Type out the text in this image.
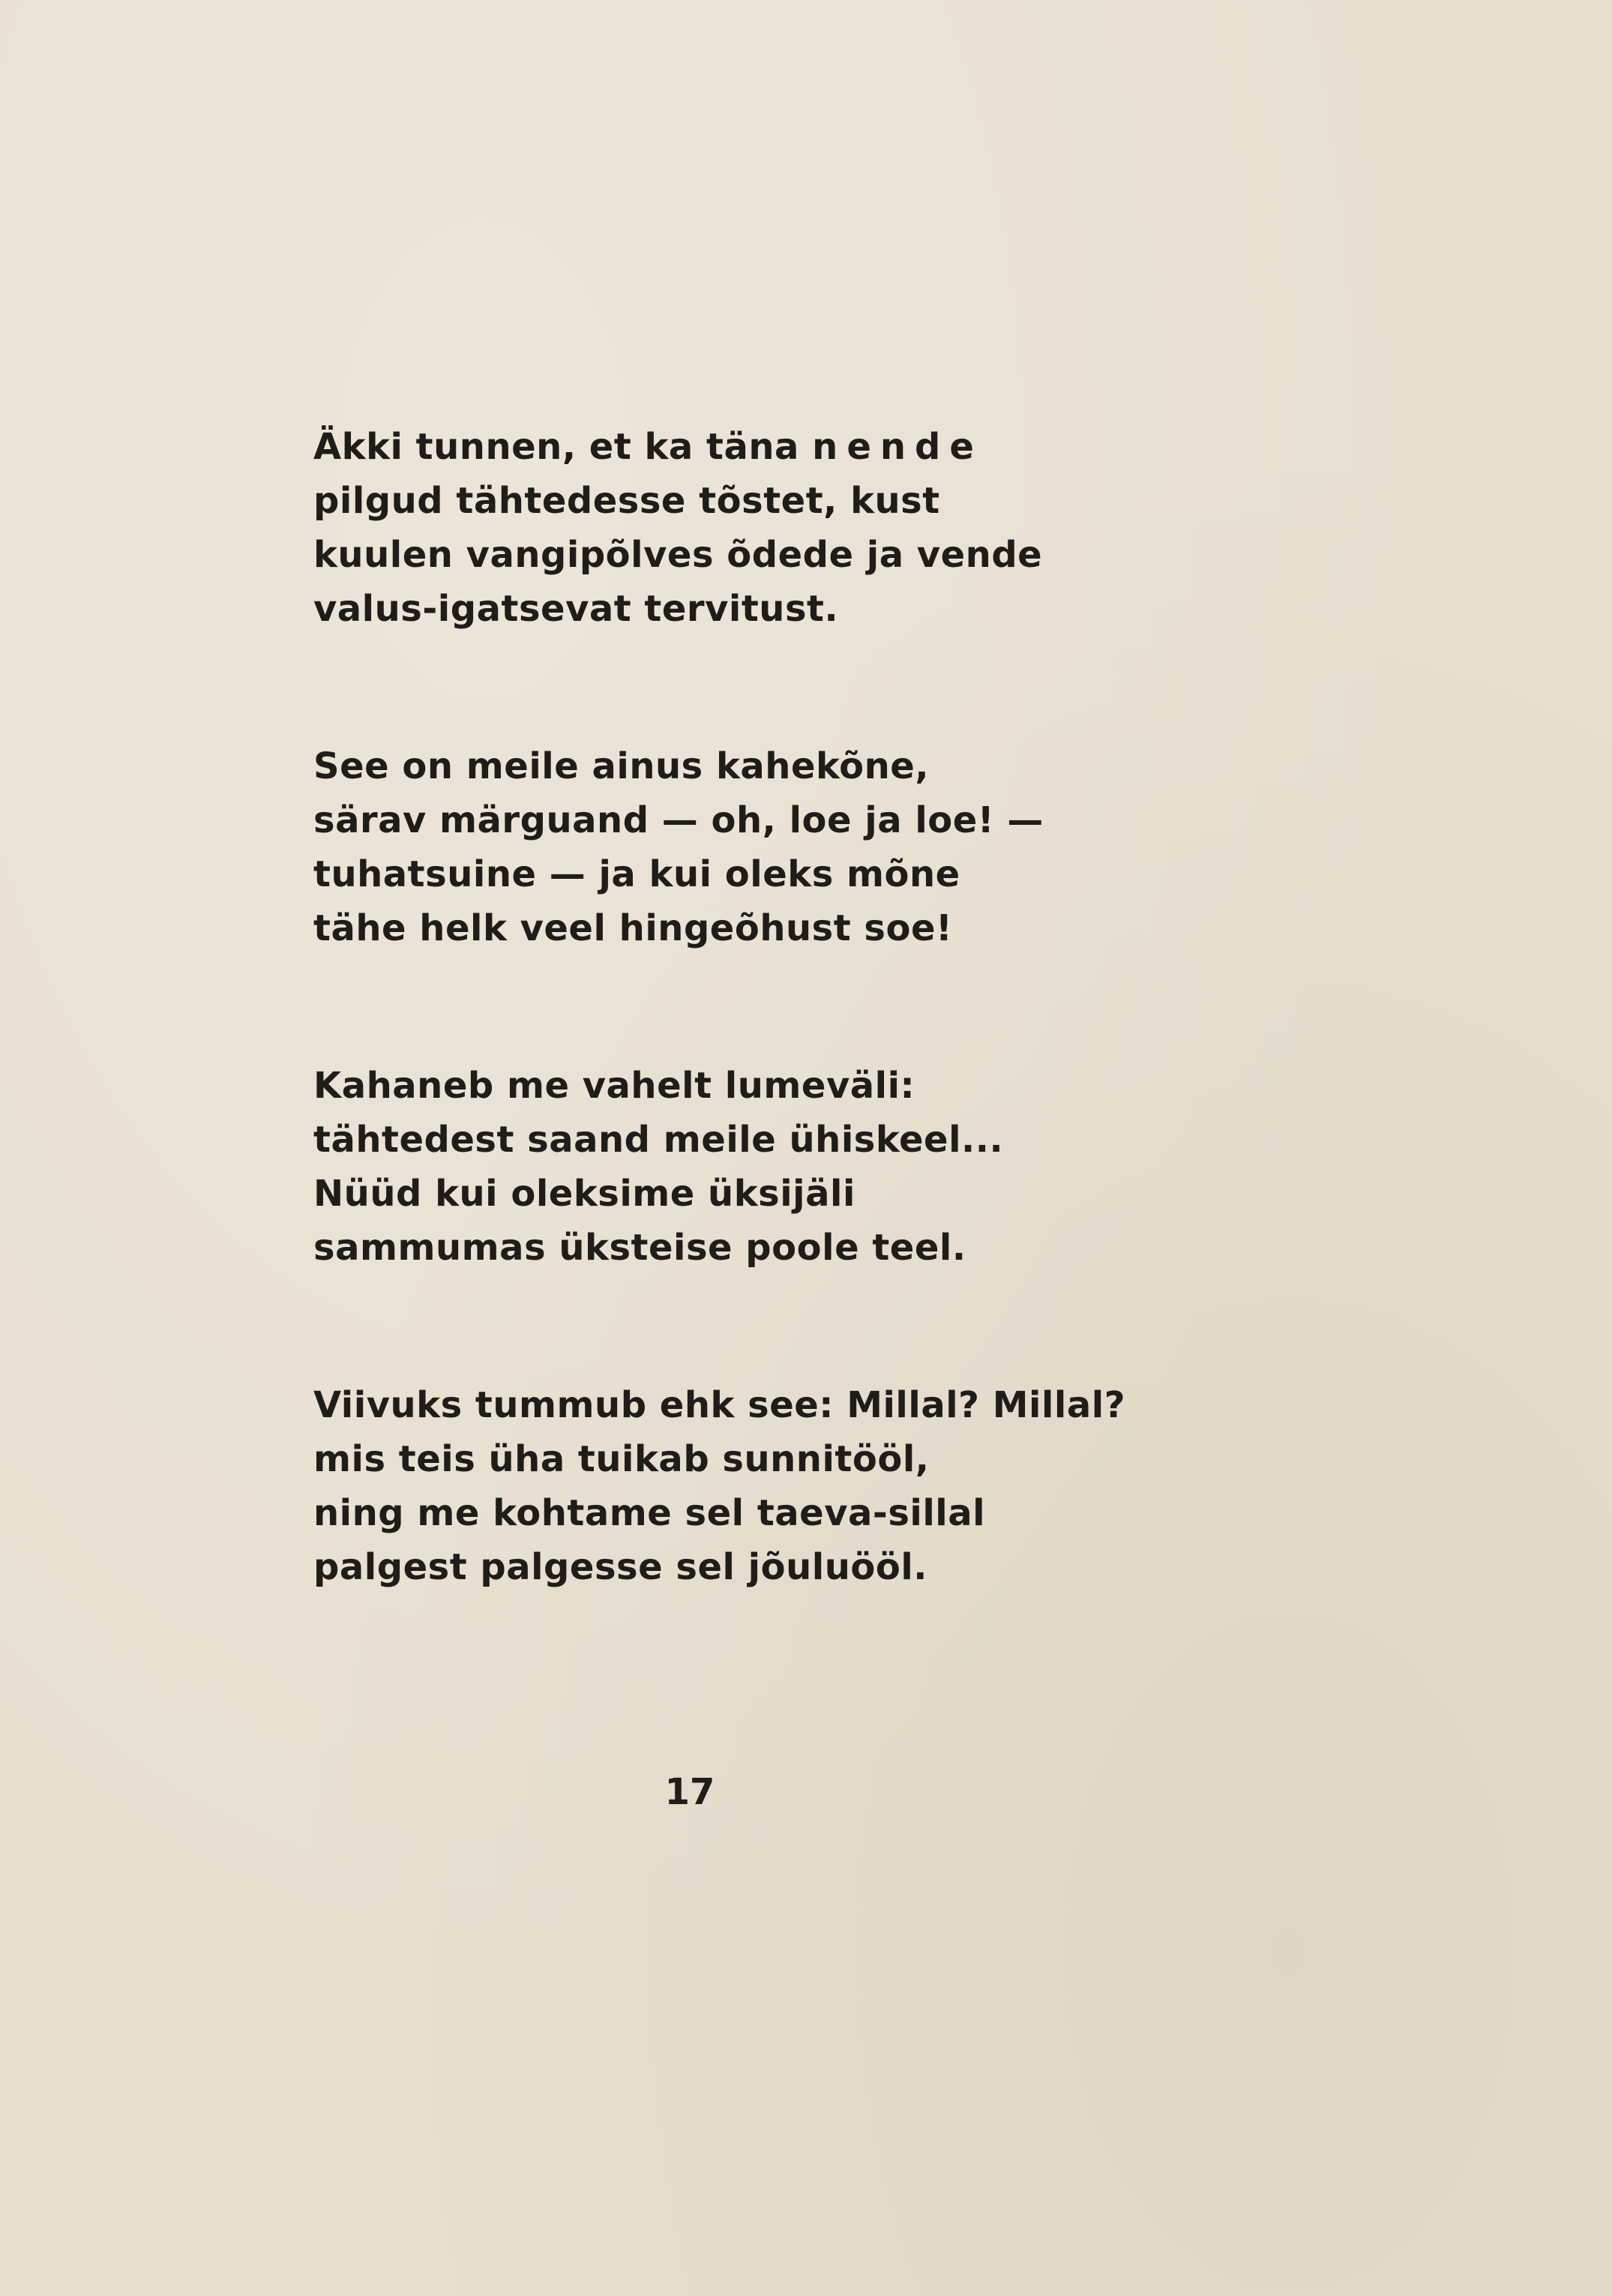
Äkki tunnen, et ka täna nende
pilgud tähtedesse tõstet, kust
kuulen vangipõlves õdede ja vende
valus-igatsevat tervitust.
See on meile ainus kahekõne,
särav märguand — oh, loe ja loe! —
tuhatsuine — ja kui oleks mõne
tähe helk veel hingeõhust soe!
Kahaneb me vahelt lumeväli:
tähtedest saand meile ühiskeel...
Nüüd kui oleksime üksijäli
sammumas üksteise poole teel.
Viivuks tummub ehk see: Millal? Millal?
mis teis üha tuikab sunnitööl,
ning me kohtame sel taeva-sillal
palgest palgesse sel jõuluööl.
17
